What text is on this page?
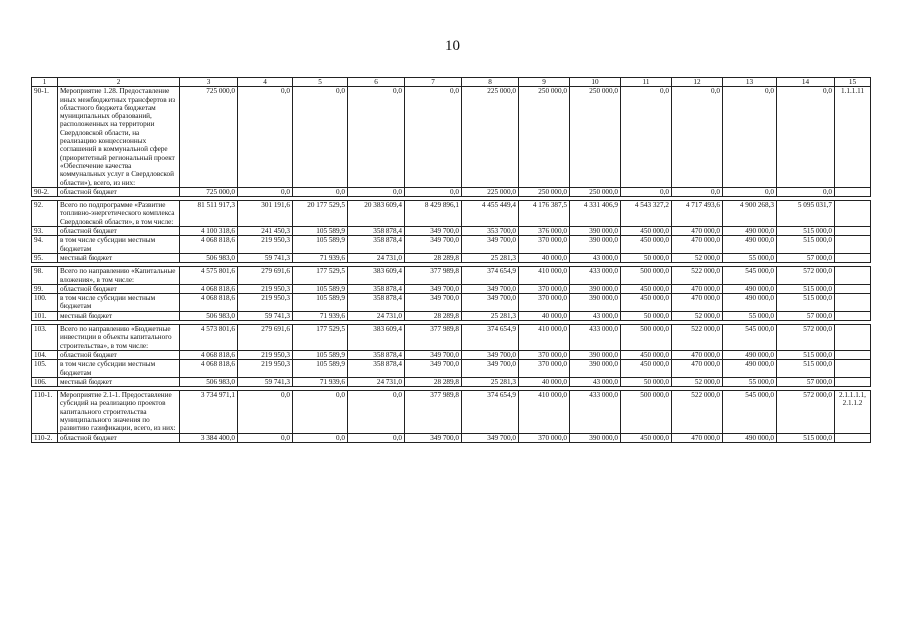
10
1	2	3	4	5	6	7	8	9	10	11	12	13	14	15
90-1.	Мероприятие 1.28. Предоставление иных межбюджетных трансфертов из областного бюджета бюджетам муниципальных образований, расположенных на территории Свердловской области, на реализацию концессионных соглашений в коммунальной сфере (приоритетный региональный проект «Обеспечение качества коммунальных услуг в Свердловской области»), всего, из них:	725 000,0	0,0	0,0	0,0	0,0	225 000,0	250 000,0	250 000,0	0,0	0,0	0,0	0,0	1.1.1.11
90-2.	областной бюджет	725 000,0	0,0	0,0	0,0	0,0	225 000,0	250 000,0	250 000,0	0,0	0,0	0,0	0,0	

92.	Всего по подпрограмме «Развитие топливно-энергетического комплекса Свердловской области», в том числе:	81 511 917,3	301 191,6	20 177 529,5	20 383 609,4	8 429 896,1	4 455 449,4	4 176 387,5	4 331 406,9	4 543 327,2	4 717 493,6	4 900 268,3	5 095 031,7	
93.	областной бюджет	4 100 318,6	241 450,3	105 589,9	358 878,4	349 700,0	353 700,0	376 000,0	390 000,0	450 000,0	470 000,0	490 000,0	515 000,0	
94.	в том числе субсидии местным бюджетам	4 068 818,6	219 950,3	105 589,9	358 878,4	349 700,0	349 700,0	370 000,0	390 000,0	450 000,0	470 000,0	490 000,0	515 000,0	
95.	местный бюджет	506 983,0	59 741,3	71 939,6	24 731,0	28 289,8	25 281,3	40 000,0	43 000,0	50 000,0	52 000,0	55 000,0	57 000,0	

98.	Всего по направлению «Капитальные вложения», в том числе:	4 575 801,6	279 691,6	177 529,5	383 609,4	377 989,8	374 654,9	410 000,0	433 000,0	500 000,0	522 000,0	545 000,0	572 000,0	
99.	областной бюджет	4 068 818,6	219 950,3	105 589,9	358 878,4	349 700,0	349 700,0	370 000,0	390 000,0	450 000,0	470 000,0	490 000,0	515 000,0	
100.	в том числе субсидии местным бюджетам	4 068 818,6	219 950,3	105 589,9	358 878,4	349 700,0	349 700,0	370 000,0	390 000,0	450 000,0	470 000,0	490 000,0	515 000,0	
101.	местный бюджет	506 983,0	59 741,3	71 939,6	24 731,0	28 289,8	25 281,3	40 000,0	43 000,0	50 000,0	52 000,0	55 000,0	57 000,0	

103.	Всего по направлению «Бюджетные инвестиции в объекты капитального строительства», в том числе:	4 573 801,6	279 691,6	177 529,5	383 609,4	377 989,8	374 654,9	410 000,0	433 000,0	500 000,0	522 000,0	545 000,0	572 000,0	
104.	областной бюджет	4 068 818,6	219 950,3	105 589,9	358 878,4	349 700,0	349 700,0	370 000,0	390 000,0	450 000,0	470 000,0	490 000,0	515 000,0	
105.	в том числе субсидии местным бюджетам	4 068 818,6	219 950,3	105 589,9	358 878,4	349 700,0	349 700,0	370 000,0	390 000,0	450 000,0	470 000,0	490 000,0	515 000,0	
106.	местный бюджет	506 983,0	59 741,3	71 939,6	24 731,0	28 289,8	25 281,3	40 000,0	43 000,0	50 000,0	52 000,0	55 000,0	57 000,0	

110-1.	Мероприятие 2.1-1. Предоставление субсидий на реализацию проектов капитального строительства муниципального значения по развитию газификации, всего, из них:	3 734 971,1	0,0	0,0	0,0	377 989,8	374 654,9	410 000,0	433 000,0	500 000,0	522 000,0	545 000,0	572 000,0	2.1.1.1.1, 2.1.1.2
110-2.	областной бюджет	3 384 400,0	0,0	0,0	0,0	349 700,0	349 700,0	370 000,0	390 000,0	450 000,0	470 000,0	490 000,0	515 000,0	
